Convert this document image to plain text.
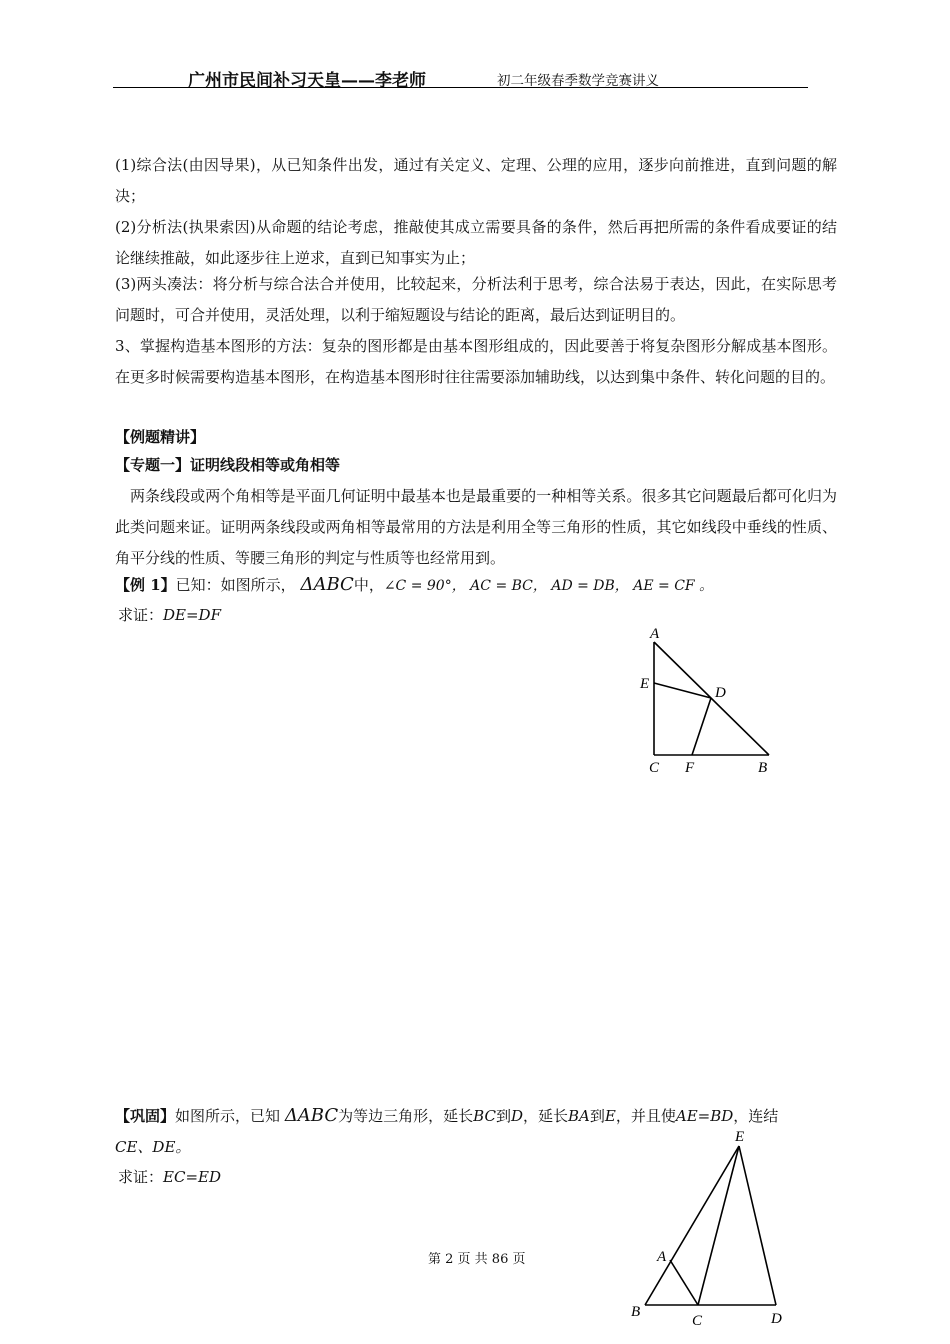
广州市民间补习天皇——李老师	初二年级春季数学竞赛讲义
(1)综合法(由因导果)，从已知条件出发，通过有关定义、定理、公理的应用，逐步向前推进，直到问题的解决；
(2)分析法(执果索因)从命题的结论考虑，推敲使其成立需要具备的条件，然后再把所需的条件看成要证的结论继续推敲，如此逐步往上逆求，直到已知事实为止；
(3)两头凑法：将分析与综合法合并使用，比较起来，分析法利于思考，综合法易于表达，因此，在实际思考问题时，可合并使用，灵活处理，以利于缩短题设与结论的距离，最后达到证明目的。
3、掌握构造基本图形的方法：复杂的图形都是由基本图形组成的，因此要善于将复杂图形分解成基本图形。在更多时候需要构造基本图形，在构造基本图形时往往需要添加辅助线，以达到集中条件、转化问题的目的。
【例题精讲】
【专题一】证明线段相等或角相等
两条线段或两个角相等是平面几何证明中最基本也是最重要的一种相等关系。很多其它问题最后都可化归为此类问题来证。证明两条线段或两角相等最常用的方法是利用全等三角形的性质，其它如线段中垂线的性质、角平分线的性质、等腰三角形的判定与性质等也经常用到。
【例 1】已知：如图所示， ΔABC中，∠C = 90°， AC = BC， AD = DB， AE = CF 。
求证：DE=DF
A
E
D
C F	B
【巩固】如图所示，已知 ΔABC为等边三角形，延长BC到D，延长BA到E，并且使AE=BD，连结
CE、DE。
求证：EC=ED
E
A
B
C	D
第 2 页 共 86 页
